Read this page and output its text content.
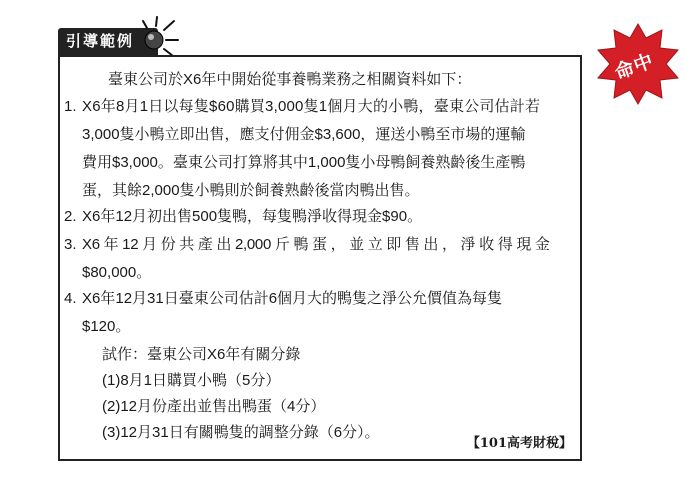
引導範例
命中
臺東公司於X6年中開始從事養鴨業務之相關資料如下：
1. X6年8月1日以每隻$60購買3,000隻1個月大的小鴨，臺東公司估計若
3,000隻小鴨立即出售，應支付佣金$3,600，運送小鴨至市場的運輸
費用$3,000。臺東公司打算將其中1,000隻小母鴨飼養熟齡後生產鴨
蛋，其餘2,000隻小鴨則於飼養熟齡後當肉鴨出售。
2. X6年12月初出售500隻鴨，每隻鴨淨收得現金$90。
3. X6 年 12 月 份 共 產 出 2,000 斤 鴨 蛋 ， 並 立 即 售 出 ， 淨 收 得 現 金
$80,000。
4. X6年12月31日臺東公司估計6個月大的鴨隻之淨公允價值為每隻
$120。
試作：臺東公司X6年有關分錄
(1)8月1日購買小鴨（5分）
(2)12月份產出並售出鴨蛋（4分）
(3)12月31日有關鴨隻的調整分錄（6分）。
【101高考財稅】
